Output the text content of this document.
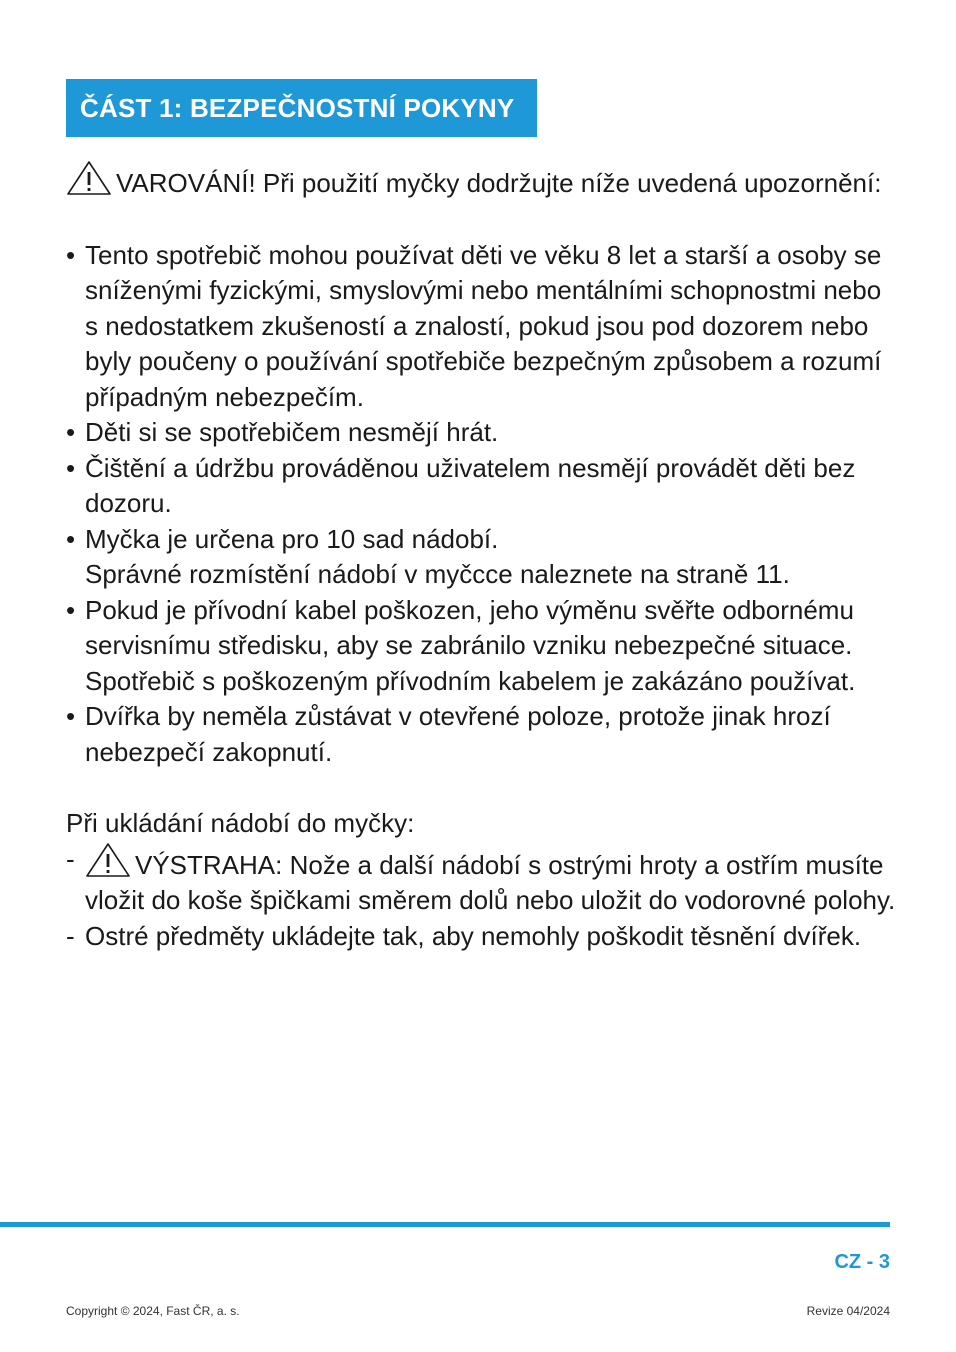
ČÁST 1: BEZPEČNOSTNÍ POKYNY

VAROVÁNÍ! Při použití myčky dodržujte níže uvedená upozornění:

• Tento spotřebič mohou používat děti ve věku 8 let a starší a osoby se sníženými fyzickými, smyslovými nebo mentálními schopnostmi nebo s nedostatkem zkušeností a znalostí, pokud jsou pod dozorem nebo byly poučeny o používání spotřebiče bezpečným způsobem a rozumí případným nebezpečím.
• Děti si se spotřebičem nesmějí hrát.
• Čištění a údržbu prováděnou uživatelem nesmějí provádět děti bez dozoru.
• Myčka je určena pro 10 sad nádobí.
Správné rozmístění nádobí v myčcce naleznete na straně 11.
• Pokud je přívodní kabel poškozen, jeho výměnu svěřte odbornému servisnímu středisku, aby se zabránilo vzniku nebezpečné situace. Spotřebič s poškozeným přívodním kabelem je zakázáno používat.
• Dvířka by neměla zůstávat v otevřené poloze, protože jinak hrozí nebezpečí zakopnutí.

Při ukládání nádobí do myčky:

- VÝSTRAHA: Nože a další nádobí s ostrými hroty a ostřím musíte vložit do koše špičkami směrem dolů nebo uložit do vodorovné polohy.
- Ostré předměty ukládejte tak, aby nemohly poškodit těsnění dvířek.
CZ - 3
Copyright © 2024, Fast ČR, a. s.	Revize 04/2024
